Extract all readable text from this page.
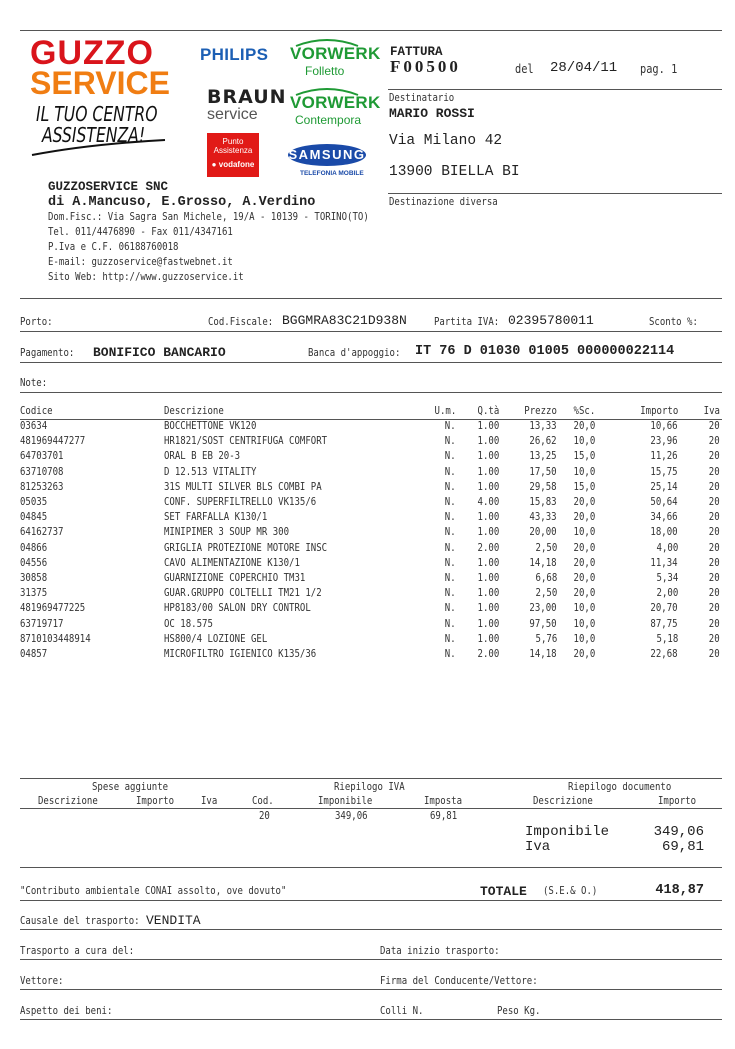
GUZZO
SERVICE
IL TUO CENTRO
ASSISTENZA!
PHILIPS VORWERK
Folletto
BRAUN
service
VORWERK
Contempora
Punto
Assistenza
● vodafone
SAMSUNG
TELEFONIA MOBILE
GUZZOSERVICE SNC
di A.Mancuso, E.Grosso, A.Verdino
Dom.Fisc.: Via Sagra San Michele, 19/A - 10139 - TORINO(TO)
Tel. 011/4476890 - Fax 011/4347161
P.Iva e C.F. 06188760018
E-mail: guzzoservice@fastwebnet.it
Sito Web: http://www.guzzoservice.it
FATTURA
F00500	del 28/04/11 pag. 1
Destinatario
MARIO ROSSI
Via Milano 42
13900 BIELLA BI
Destinazione diversa
Porto:	Cod.Fiscale: BGGMRA83C21D938N	Partita IVA: 02395780011	Sconto %:
Pagamento: BONIFICO BANCARIO	Banca d'appoggio: IT 76 D 01030 01005 000000022114
Note:
Codice	Descrizione	U.m. Q.tà Prezzo %Sc.	Importo Iva
03634	BOCCHETTONE VK120	N. 1.00	13,33 20,0	10,66	20
481969447277	HR1821/SOST CENTRIFUGA COMFORT	N. 1.00	26,62 10,0	23,96	20
64703701	ORAL B EB 20-3	N. 1.00	13,25 15,0	11,26	20
63710708	D 12.513 VITALITY	N. 1.00	17,50 10,0	15,75	20
81253263	31S MULTI SILVER BLS COMBI PA	N. 1.00	29,58 15,0	25,14	20
05035	CONF. SUPERFILTRELLO VK135/6	N. 4.00	15,83 20,0	50,64	20
04845	SET FARFALLA K130/1	N. 1.00	43,33 20,0	34,66	20
64162737	MINIPIMER 3 SOUP MR 300	N. 1.00	20,00 10,0	18,00	20
04866	GRIGLIA PROTEZIONE MOTORE INSC	N. 2.00	2,50 20,0	4,00	20
04556	CAVO ALIMENTAZIONE K130/1	N. 1.00	14,18 20,0	11,34	20
30858	GUARNIZIONE COPERCHIO TM31	N. 1.00	6,68 20,0	5,34	20
31375	GUAR.GRUPPO COLTELLI TM21 1/2	N. 1.00	2,50 20,0	2,00	20
481969477225	HP8183/00 SALON DRY CONTROL	N. 1.00	23,00 10,0	20,70	20
63719717	OC 18.575	N. 1.00	97,50 10,0	87,75	20
8710103448914	HS800/4 LOZIONE GEL	N. 1.00	5,76 10,0	5,18	20
04857	MICROFILTRO IGIENICO K135/36	N. 2.00	14,18 20,0	22,68	20
Spese aggiunte	Riepilogo IVA	Riepilogo documento
Descrizione	Importo	Iva	Cod.	Imponibile	Imposta	Descrizione	Importo
20	349,06	69,81
Imponibile	349,06
Iva	69,81
"Contributo ambientale CONAI assolto, ove dovuto"	TOTALE (S.E.& O.)	418,87
Causale del trasporto: VENDITA
Trasporto a cura del:	Data inizio trasporto:
Vettore:	Firma del Conducente/Vettore:
Aspetto dei beni:	Colli N.	Peso Kg.
